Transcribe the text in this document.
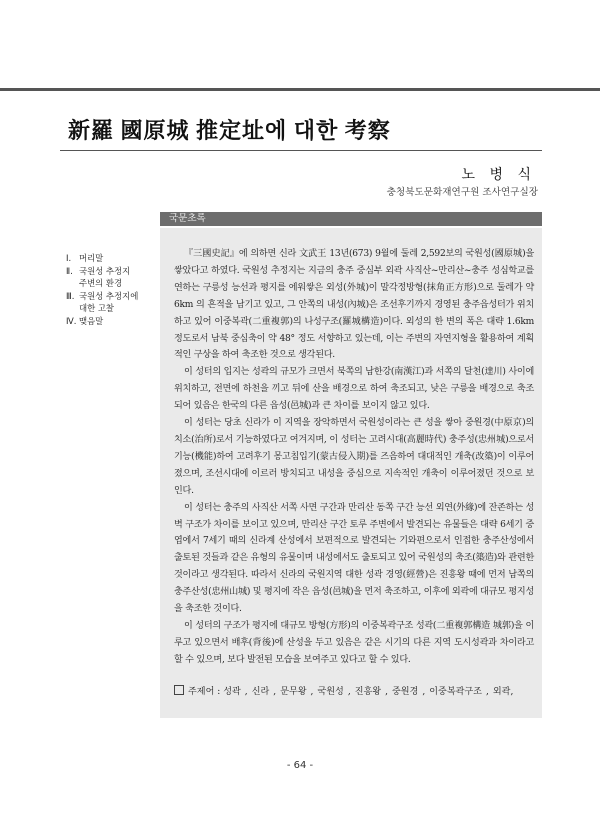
新羅 國原城 推定址에 대한 考察
노 병 식
충청북도문화재연구원 조사연구실장
Ⅰ. 머리말
Ⅱ. 국원성 추정지
주변의 환경
Ⅲ. 국원성 추정지에
대한 고찰
Ⅳ. 맺음말
국문초록

『三國史記』에 의하면 신라 文武王 13년(673) 9월에 둘레 2,592보의 국원성(國原城)을 쌓았다고 하였다. 국원성 추정지는 지금의 충주 중심부 외곽 사직산~만리산~충주 성심학교를 연하는 구릉성 능선과 평지를 에워쌓은 외성(外城)이 말각정방형(抹角正方形)으로 둘레가 약 6km 의 흔적을 남기고 있고, 그 안쪽의 내성(內城)은 조선후기까지 경영된 충주읍성터가 위치하고 있어 이중복곽(二重複郭)의 나성구조(羅城構造)이다. 외성의 한 변의 폭은 대략 1.6km 정도로서 남북 중심축이 약 48° 정도 서향하고 있는데, 이는 주변의 자연지형을 활용하여 계획적인 구상을 하여 축조한 것으로 생각된다.

이 성터의 입지는 성곽의 규모가 크면서 북쪽의 남한강(南漢江)과 서쪽의 달천(達川) 사이에 위치하고, 전면에 하천을 끼고 뒤에 산을 배경으로 하여 축조되고, 낮은 구릉을 배경으로 축조되어 있음은 한국의 다른 읍성(邑城)과 큰 차이를 보이지 않고 있다.

이 성터는 당초 신라가 이 지역을 장악하면서 국원성이라는 큰 성을 쌓아 중원경(中原京)의 치소(治所)로서 기능하였다고 여겨지며, 이 성터는 고려시대(高麗時代) 충주성(忠州城)으로서 기능(機能)하여 고려후기 몽고침입기(蒙古侵入期)를 즈음하여 대대적인 개축(改築)이 이루어졌으며, 조선시대에 이르러 방치되고 내성을 중심으로 지속적인 개축이 이루어졌던 것으로 보인다.

이 성터는 충주의 사직산 서쪽 사면 구간과 만리산 동쪽 구간 능선 외연(外緣)에 잔존하는 성벽 구조가 차이를 보이고 있으며, 만리산 구간 토루 주변에서 발견되는 유물들은 대략 6세기 중엽에서 7세기 때의 신라계 산성에서 보편적으로 발견되는 기와편으로서 인접한 충주산성에서 출토된 것들과 같은 유형의 유물이며 내성에서도 출토되고 있어 국원성의 축조(築造)와 관련한 것이라고 생각된다. 따라서 신라의 국원지역 대한 성곽 경영(經營)은 진흥왕 때에 먼저 남쪽의 충주산성(忠州山城) 및 평지에 작은 읍성(邑城)을 먼저 축조하고, 이후에 외곽에 대규모 평지성을 축조한 것이다.

이 성터의 구조가 평지에 대규모 방형(方形)의 이중복곽구조 성곽(二重複郭構造 城郭)을 이루고 있으면서 배후(背後)에 산성을 두고 있음은 같은 시기의 다른 지역 도시성곽과 차이라고 할 수 있으며, 보다 발전된 모습을 보여주고 있다고 할 수 있다.

주제어 : 성곽 , 신라 , 문무왕 , 국원성 , 진흥왕 , 중원경 , 이중복곽구조 , 외곽,
- 64 -
